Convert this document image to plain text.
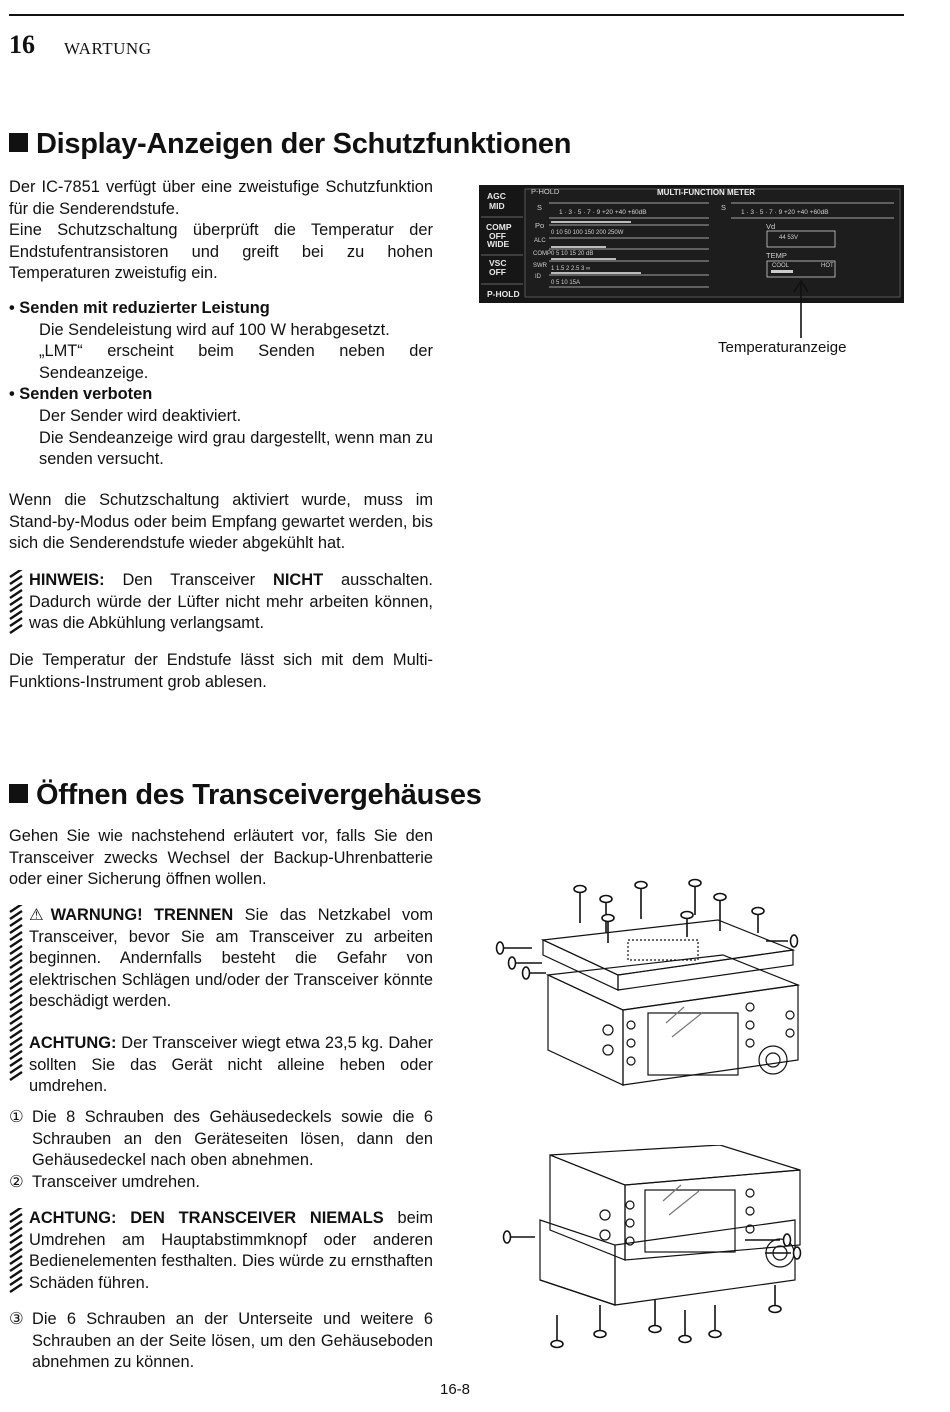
16 WARTUNG
Display-Anzeigen der Schutzfunktionen

Der IC-7851 verfügt über eine zweistufige Schutzfunktion für die Senderendstufe.

Eine Schutzschaltung überprüft die Temperatur der Endstufentransistoren und greift bei zu hohen Temperaturen zweistufig ein.

• Senden mit reduzierter Leistung
Die Sendeleistung wird auf 100 W herabgesetzt.
„LMT“ erscheint beim Senden neben der Sendeanzeige.
• Senden verboten
Der Sender wird deaktiviert.
Die Sendeanzeige wird grau dargestellt, wenn man zu senden versucht.
Wenn die Schutzschaltung aktiviert wurde, muss im Stand-by-Modus oder beim Empfang gewartet werden, bis sich die Senderendstufe wieder abgekühlt hat.
HINWEIS: Den Transceiver NICHT ausschalten. Dadurch würde der Lüfter nicht mehr arbeiten können, was die Abkühlung verlangsamt.
Die Temperatur der Endstufe lässt sich mit dem Multi-Funktions-Instrument grob ablesen.
AGC
MID
COMP
OFF
WIDE
VSC
OFF
P-HOLD
P-HOLD	MULTI-FUNCTION METER
S
Po
ALC
COMP
SWR
ID
1 · 3 · 5 · 7 · 9 +20 +40 +60dB
0 10 50 100 150 200 250W
0 5 10 15 20 dB
1 1.5 2 2.5 3 ∞
0 5 10 15A
S
1 · 3 · 5 · 7 · 9 +20 +40 +60dB
Vd
44 53V
TEMP
COOL	HOT
Temperaturanzeige
Öffnen des Transceivergehäuses
Gehen Sie wie nachstehend erläutert vor, falls Sie den Transceiver zwecks Wechsel der Backup-Uhrenbatterie oder einer Sicherung öffnen wollen.
⚠WARNUNG! TRENNEN Sie das Netzkabel vom Transceiver, bevor Sie am Transceiver zu arbeiten beginnen. Andernfalls besteht die Gefahr von elektrischen Schlägen und/oder der Transceiver könnte beschädigt werden.
ACHTUNG: Der Transceiver wiegt etwa 23,5 kg. Daher sollten Sie das Gerät nicht alleine heben oder umdrehen.
① Die 8 Schrauben des Gehäusedeckels sowie die 6 Schrauben an den Geräteseiten lösen, dann den Gehäusedeckel nach oben abnehmen.
② Transceiver umdrehen.
ACHTUNG: DEN TRANSCEIVER NIEMALS beim Umdrehen am Hauptabstimmknopf oder anderen Bedienelementen festhalten. Dies würde zu ernsthaften Schäden führen.
③ Die 6 Schrauben an der Unterseite und weitere 6 Schrauben an der Seite lösen, um den Gehäuseboden abnehmen zu können.
16-8
